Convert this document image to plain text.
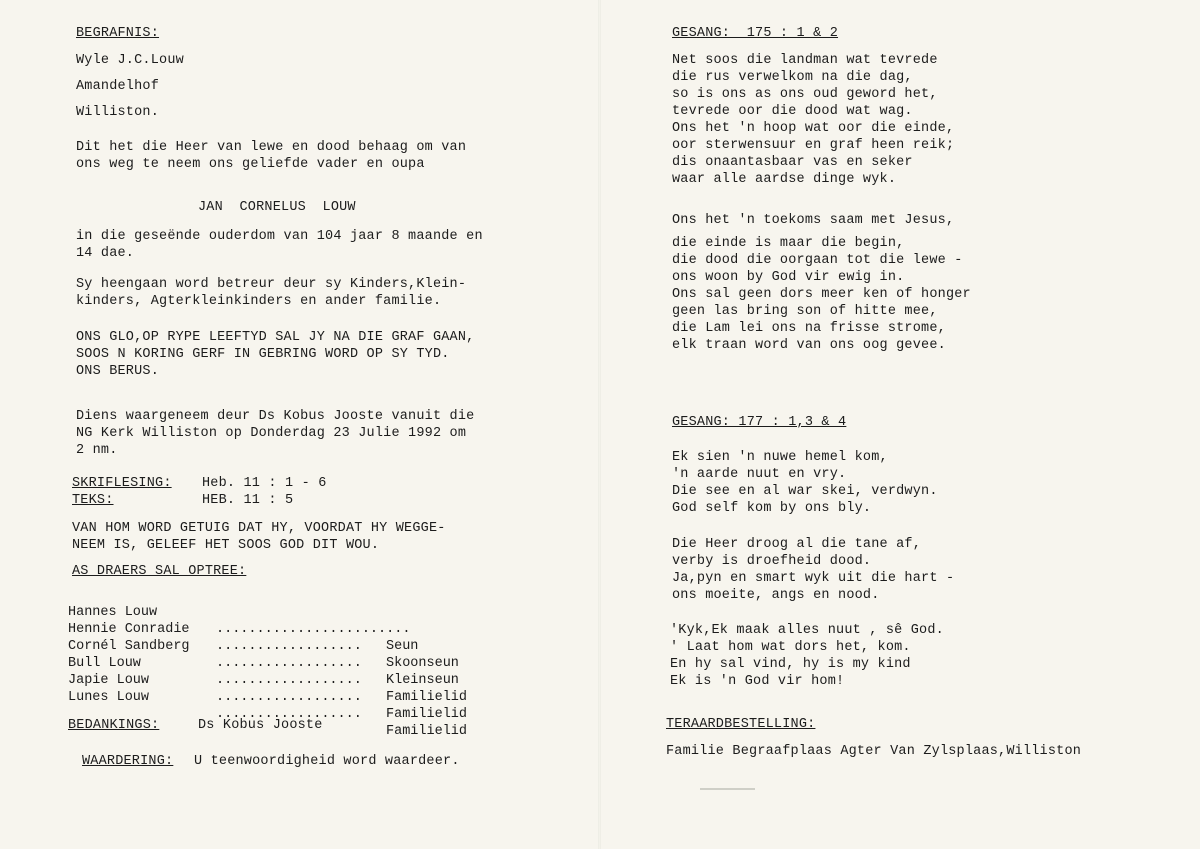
BEGRAFNIS:
Wyle J.C.Louw
Amandelhof
Williston.
Dit het die Heer van lewe en dood behaag om van
ons weg te neem ons geliefde vader en oupa
JAN  CORNELUS  LOUW
in die geseënde ouderdom van 104 jaar 8 maande en
14 dae.
Sy heengaan word betreur deur sy Kinders,Klein-
kinders, Agterkleinkinders en ander familie.
ONS GLO,OP RYPE LEEFTYD SAL JY NA DIE GRAF GAAN,
SOOS N KORING GERF IN GEBRING WORD OP SY TYD.
ONS BERUS.
Diens waargeneem deur Ds Kobus Jooste vanuit die
NG Kerk Williston op Donderdag 23 Julie 1992 om
2 nm.
SKRIFLESING: Heb. 11 : 1 - 6
TEKS:	HEB. 11 : 5
VAN HOM WORD GETUIG DAT HY, VOORDAT HY WEGGE-
NEEM IS, GELEEF HET SOOS GOD DIT WOU.
AS DRAERS SAL OPTREE:

Hannes Louw

........................

Seun

Hennie Conradie

..................

Skoonseun

Cornél Sandberg

..................

Kleinseun

Bull Louw

..................

Familielid

Japie Louw

..................

Familielid

Lunes Louw

..................

Familielid

BEDANKINGS:	Ds Kobus Jooste
WAARDERING: U teenwoordigheid word waardeer.
GESANG:  175 : 1 & 2
Net soos die landman wat tevrede
die rus verwelkom na die dag,
so is ons as ons oud geword het,
tevrede oor die dood wat wag.
Ons het 'n hoop wat oor die einde,
oor sterwensuur en graf heen reik;
dis onaantasbaar vas en seker
waar alle aardse dinge wyk.
Ons het 'n toekoms saam met Jesus,
die einde is maar die begin,
die dood die oorgaan tot die lewe -
ons woon by God vir ewig in.
Ons sal geen dors meer ken of honger
geen las bring son of hitte mee,
die Lam lei ons na frisse strome,
elk traan word van ons oog gevee.
GESANG: 177 : 1,3 & 4
Ek sien 'n nuwe hemel kom,
'n aarde nuut en vry.
Die see en al war skei, verdwyn.
God self kom by ons bly.
Die Heer droog al die tane af,
verby is droefheid dood.
Ja,pyn en smart wyk uit die hart -
ons moeite, angs en nood.
'Kyk,Ek maak alles nuut , sê God.
' Laat hom wat dors het, kom.
En hy sal vind, hy is my kind
Ek is 'n God vir hom!
TERAARDBESTELLING:
Familie Begraafplaas Agter Van Zylsplaas,Williston
